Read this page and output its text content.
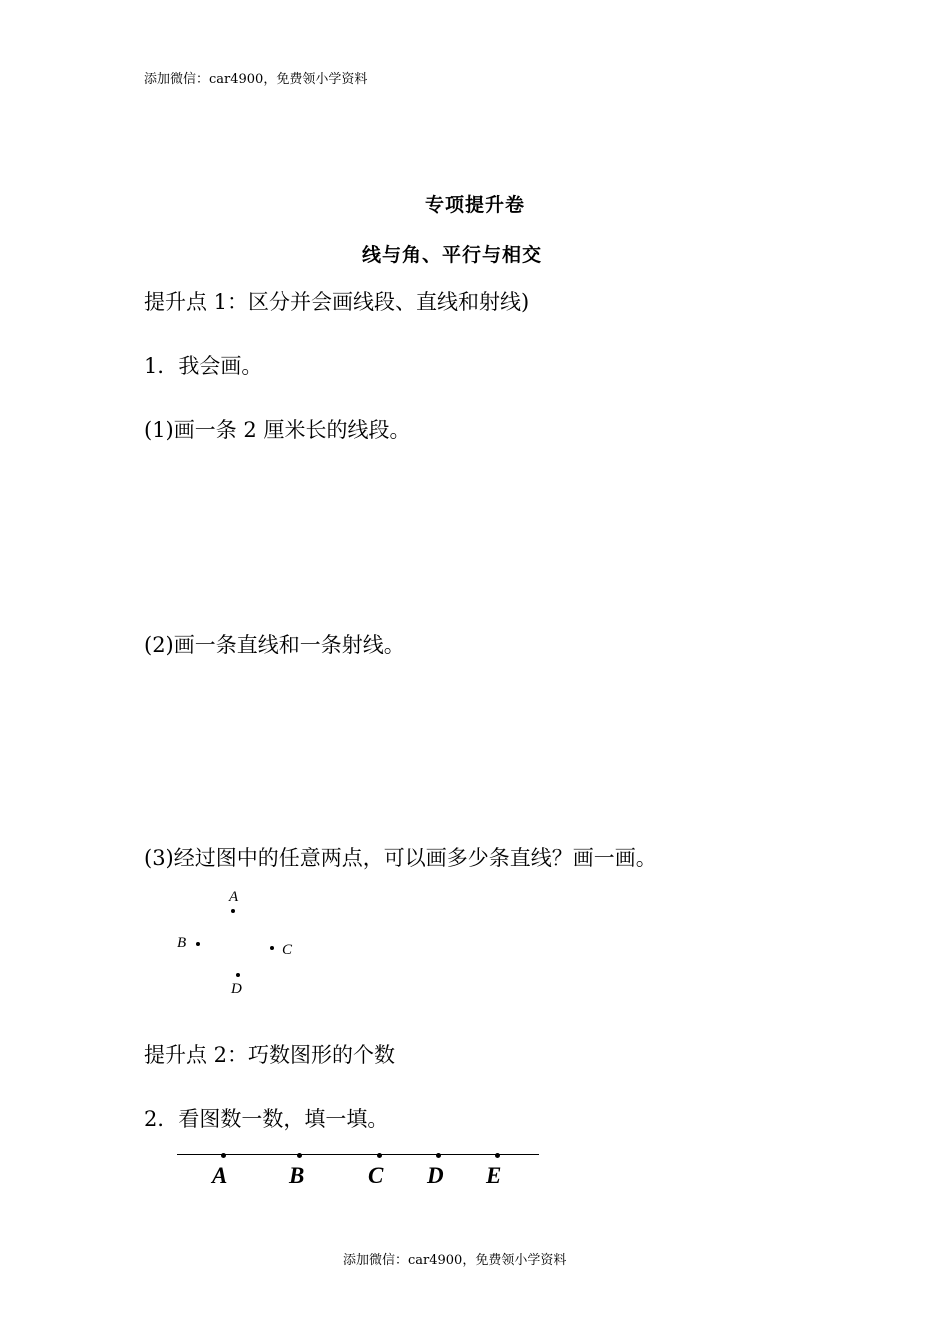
添加微信：car4900，免费领小学资料
专项提升卷
线与角、平行与相交
提升点 1：区分并会画线段、直线和射线)
1．我会画。
(1)画一条 2 厘米长的线段。
(2)画一条直线和一条射线。
(3)经过图中的任意两点，可以画多少条直线？画一画。
A
B	C
D
提升点 2：巧数图形的个数
2．看图数一数，填一填。
A	B	C D E
添加微信：car4900，免费领小学资料
